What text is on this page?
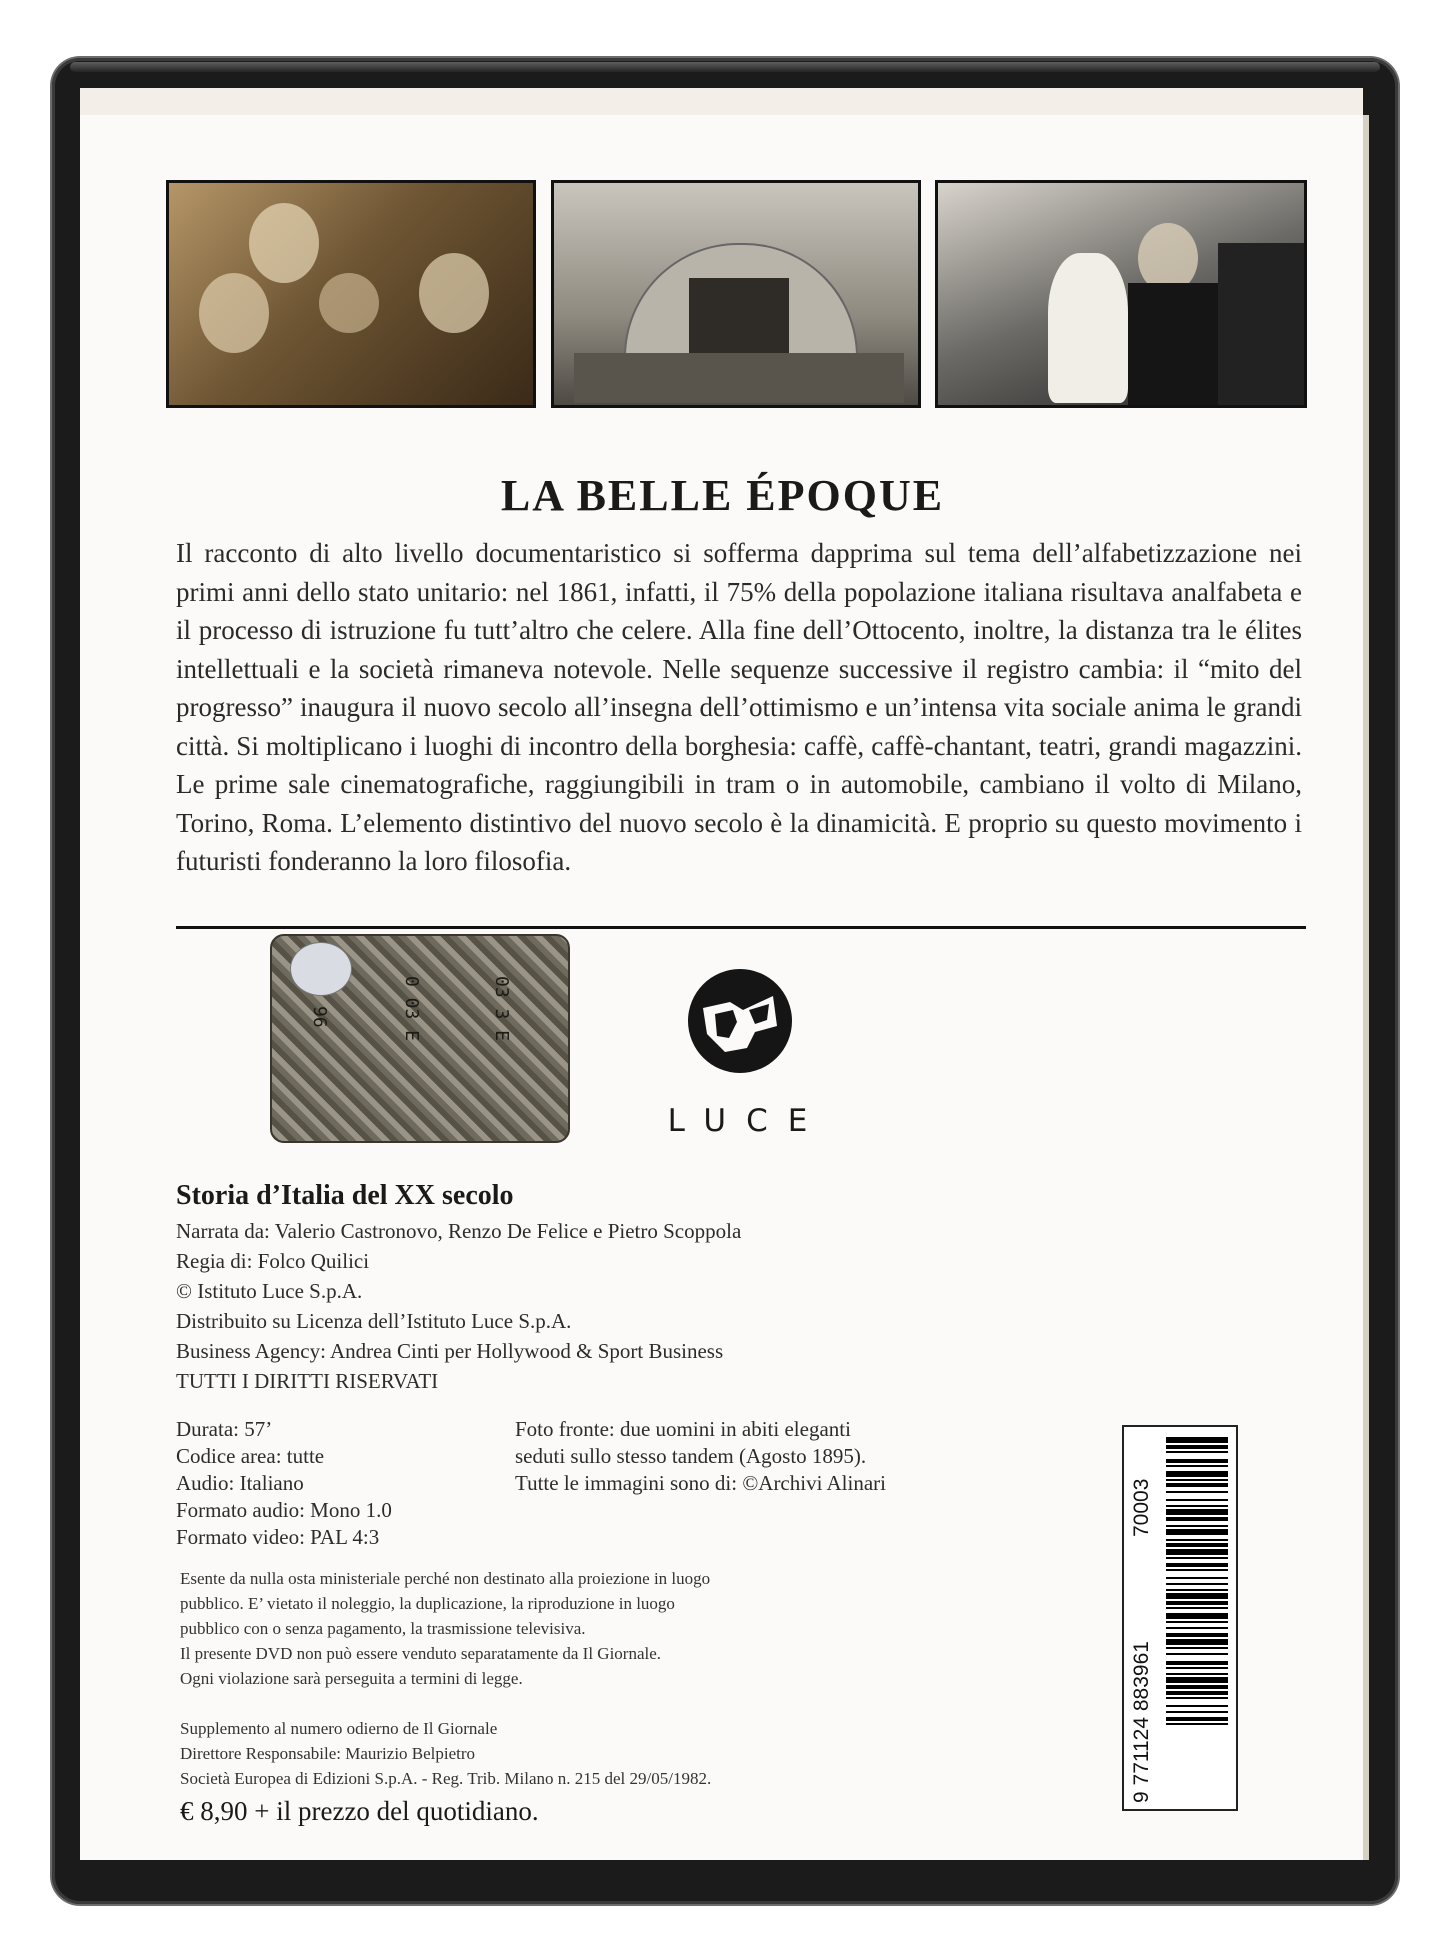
LA BELLE ÉPOQUE
Il racconto di alto livello documentaristico si sofferma dapprima sul tema dell’alfabetizzazione nei primi anni dello stato unitario: nel 1861, infatti, il 75% della popolazione italiana risultava analfabeta e il processo di istruzione fu tutt’altro che celere. Alla fine dell’Ottocento, inoltre, la distanza tra le élites intellettuali e la società rimaneva notevole. Nelle sequenze successive il registro cambia: il “mito del progresso” inaugura il nuovo secolo all’insegna dell’ottimismo e un’intensa vita sociale anima le grandi città. Si moltiplicano i luoghi di incontro della borghesia: caffè, caffè-chantant, teatri, grandi magazzini. Le prime sale cinematografiche, raggiungibili in tram o in automobile, cambiano il volto di Milano, Torino, Roma. L’elemento distintivo del nuovo secolo è la dinamicità. E proprio su questo movimento i futuristi fonderanno la loro filosofia.
96	0 03 E	03 3 E
LUCE
Storia d’Italia del XX secolo
Narrata da: Valerio Castronovo, Renzo De Felice e Pietro Scoppola
Regia di: Folco Quilici
© Istituto Luce S.p.A.
Distribuito su Licenza dell’Istituto Luce S.p.A.
Business Agency: Andrea Cinti per Hollywood & Sport Business
TUTTI I DIRITTI RISERVATI
Durata: 57’
Codice area: tutte
Audio: Italiano
Formato audio: Mono 1.0
Formato video: PAL 4:3
Foto fronte: due uomini in abiti eleganti
seduti sullo stesso tandem (Agosto 1895).
Tutte le immagini sono di: ©Archivi Alinari
Esente da nulla osta ministeriale perché non destinato alla proiezione in luogo
pubblico. E’ vietato il noleggio, la duplicazione, la riproduzione in luogo
pubblico con o senza pagamento, la trasmissione televisiva.
Il presente DVD non può essere venduto separatamente da Il Giornale.
Ogni violazione sarà perseguita a termini di legge.
Supplemento al numero odierno de Il Giornale
Direttore Responsabile: Maurizio Belpietro
Società Europea di Edizioni S.p.A. - Reg. Trib. Milano n. 215 del 29/05/1982.
€ 8,90 + il prezzo del quotidiano.
70003
9 771124 883961
